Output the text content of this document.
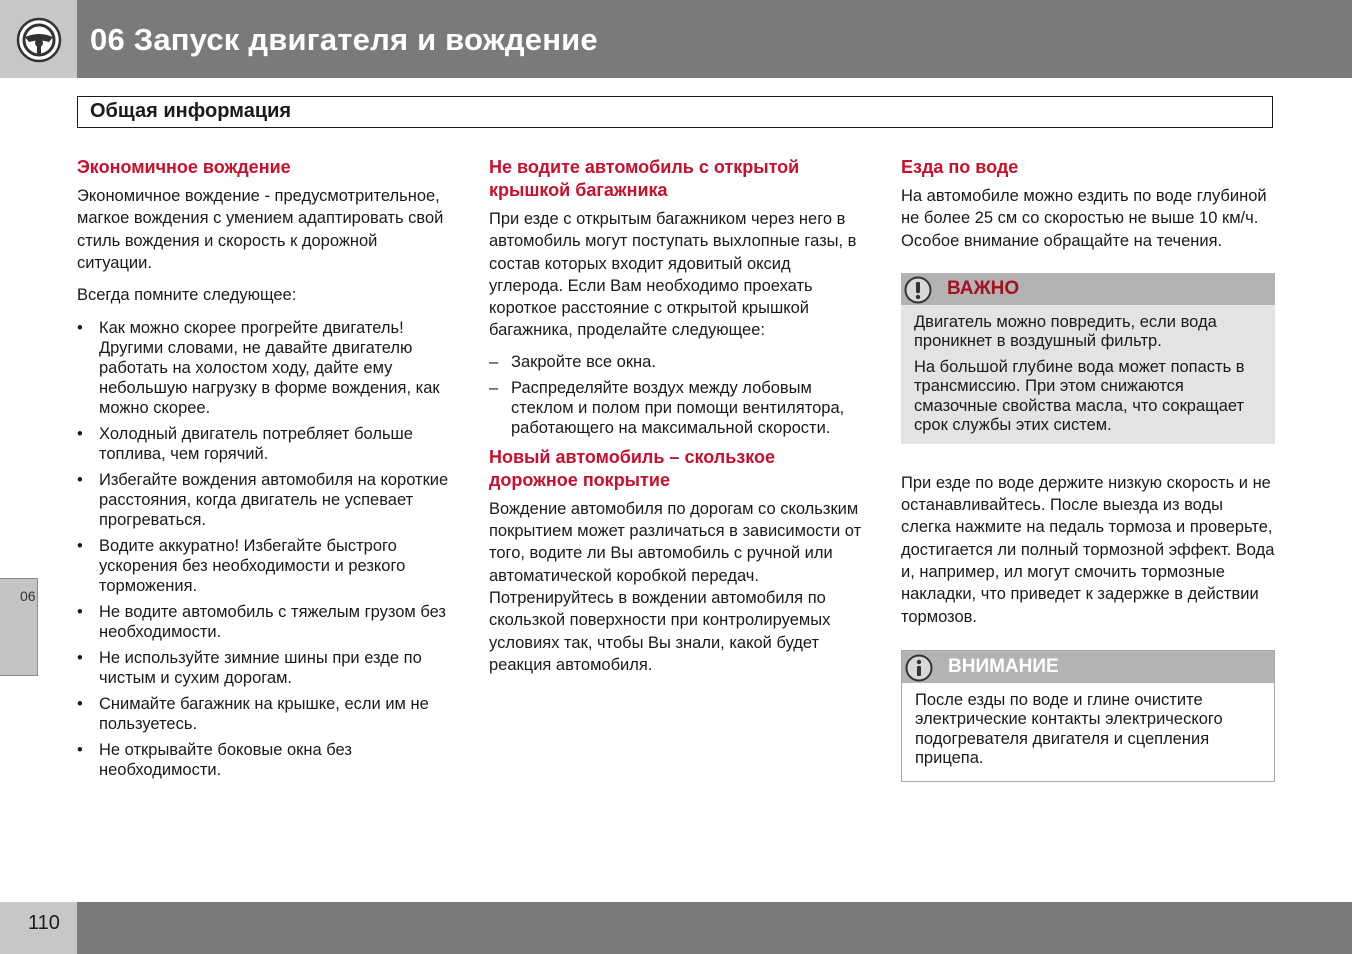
06 Запуск двигателя и вождение
Общая информация
Экономичное вождение

Экономичное вождение - предусмотрительное, магкое вождения с умением адаптировать свой стиль вождения и скорость к дорожной ситуации.

Всегда помните следующее:

• Как можно скорее прогрейте двигатель! Другими словами, не давайте двигателю работать на холостом ходу, дайте ему небольшую нагрузку в форме вождения, как можно скорее.
• Холодный двигатель потребляет больше топлива, чем горячий.
• Избегайте вождения автомобиля на короткие расстояния, когда двигатель не успевает прогреваться.
• Водите аккуратно! Избегайте быстрого ускорения без необходимости и резкого торможения.
• Не водите автомобиль с тяжелым грузом без необходимости.
• Не используйте зимние шины при езде по чистым и сухим дорогам.
• Снимайте багажник на крышке, если им не пользуетесь.
• Не открывайте боковые окна без необходимости.
Не водите автомобиль с открытой крышкой багажника

При езде с открытым багажником через него в автомобиль могут поступать выхлопные газы, в состав которых входит ядовитый оксид углерода. Если Вам необходимо проехать короткое расстояние с открытой крышкой багажника, проделайте следующее:

– Закройте все окна.
– Распределяйте воздух между лобовым стеклом и полом при помощи вентилятора, работающего на максимальной скорости.
Новый автомобиль – скользкое дорожное покрытие

Вождение автомобиля по дорогам со скользким покрытием может различаться в зависимости от того, водите ли Вы автомобиль с ручной или автоматической коробкой передач. Потренируйтесь в вождении автомобиля по скользкой поверхности при контролируемых условиях так, чтобы Вы знали, какой будет реакция автомобиля.

Езда по воде

На автомобиле можно ездить по воде глубиной не более 25 см со скоростью не выше 10 км/ч. Особое внимание обращайте на течения.

ВАЖНО

Двигатель можно повредить, если вода проникнет в воздушный фильтр.

На большой глубине вода может попасть в трансмиссию. При этом снижаются смазочные свойства масла, что сокращает срок службы этих систем.

При езде по воде держите низкую скорость и не останавливайтесь. После выезда из воды слегка нажмите на педаль тормоза и проверьте, достигается ли полный тормозной эффект. Вода и, например, ил могут смочить тормозные накладки, что приведет к задержке в действии тормозов.

ВНИМАНИЕ

После езды по воде и глине очистите электрические контакты электрического подогревателя двигателя и сцепления прицепа.

06
110
